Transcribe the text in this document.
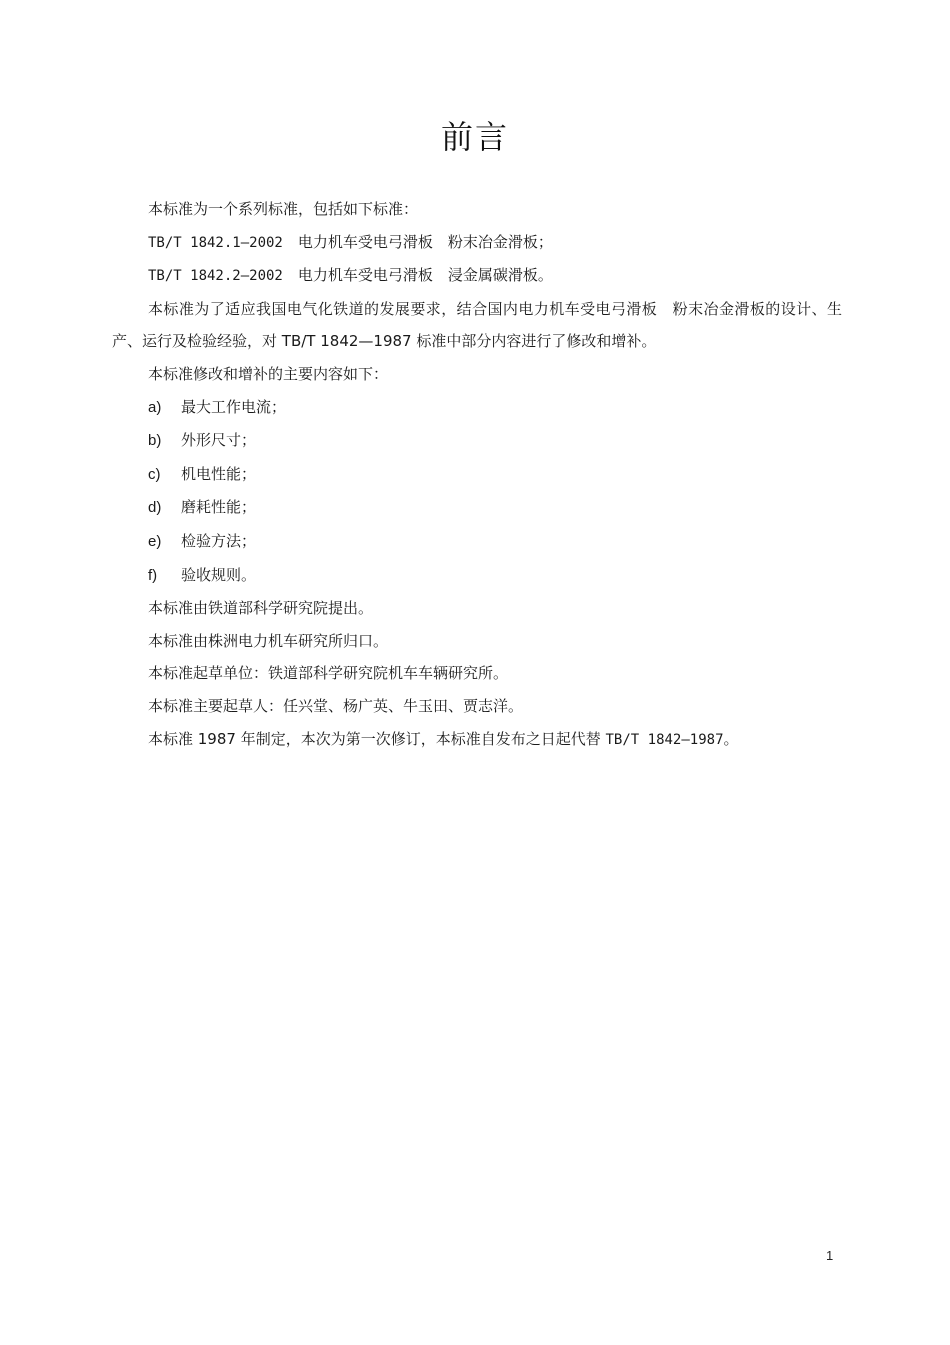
前言

本标准为一个系列标准，包括如下标准：

TB/T 1842.1—2002　 电力机车受电弓滑板　 粉末冶金滑板；

TB/T 1842.2—2002　 电力机车受电弓滑板　 浸金属碳滑板。

本标准为了适应我国电气化铁道的发展要求，结合国内电力机车受电弓滑板　粉末冶金滑板的设计、生产、运行及检验经验，对 TB/T 1842—1987 标准中部分内容进行了修改和增补。

本标准修改和增补的主要内容如下：

a) 最大工作电流；

b) 外形尺寸；

c) 机电性能；

d) 磨耗性能；

e) 检验方法；

f) 验收规则。

本标准由铁道部科学研究院提出。

本标准由株洲电力机车研究所归口。

本标准起草单位：铁道部科学研究院机车车辆研究所。

本标准主要起草人：任兴堂、杨广英、牛玉田、贾志洋。

本标准 1987 年制定，本次为第一次修订，本标准自发布之日起代替 TB/T 1842—1987。

1
